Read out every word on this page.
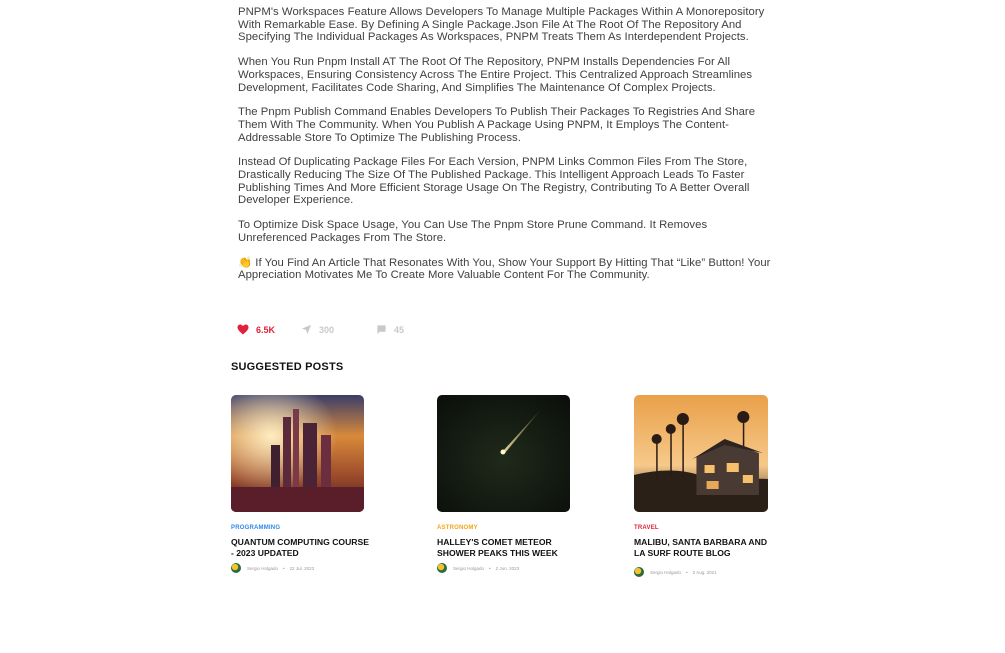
PNPM's Workspaces Feature Allows Developers To Manage Multiple Packages Within A Monorepository With Remarkable Ease. By Defining A Single Package.Json File At The Root Of The Repository And Specifying The Individual Packages As Workspaces, PNPM Treats Them As Interdependent Projects.

When You Run Pnpm Install AT The Root Of The Repository, PNPM Installs Dependencies For All Workspaces, Ensuring Consistency Across The Entire Project. This Centralized Approach Streamlines Development, Facilitates Code Sharing, And Simplifies The Maintenance Of Complex Projects.

The Pnpm Publish Command Enables Developers To Publish Their Packages To Registries And Share Them With The Community. When You Publish A Package Using PNPM, It Employs The Content-Addressable Store To Optimize The Publishing Process.

Instead Of Duplicating Package Files For Each Version, PNPM Links Common Files From The Store, Drastically Reducing The Size Of The Published Package. This Intelligent Approach Leads To Faster Publishing Times And More Efficient Storage Usage On The Registry, Contributing To A Better Overall Developer Experience.

To Optimize Disk Space Usage, You Can Use The Pnpm Store Prune Command. It Removes Unreferenced Packages From The Store.

👏 If You Find An Article That Resonates With You, Show Your Support By Hitting That “Like” Button! Your Appreciation Motivates Me To Create More Valuable Content For The Community.

6.5K	300	45
SUGGESTED POSTS
PROGRAMMING
QUANTUM COMPUTING COURSE - 2023 UPDATED
Sergio Holgado • 22 Jul. 2023
ASTRONOMY
HALLEY'S COMET METEOR SHOWER PEAKS THIS WEEK
Sergio Holgado • 2 Jun. 2023
TRAVEL
MALIBU, SANTA BARBARA AND LA SURF ROUTE BLOG
Sergio Holgado • 2 Aug. 2021
